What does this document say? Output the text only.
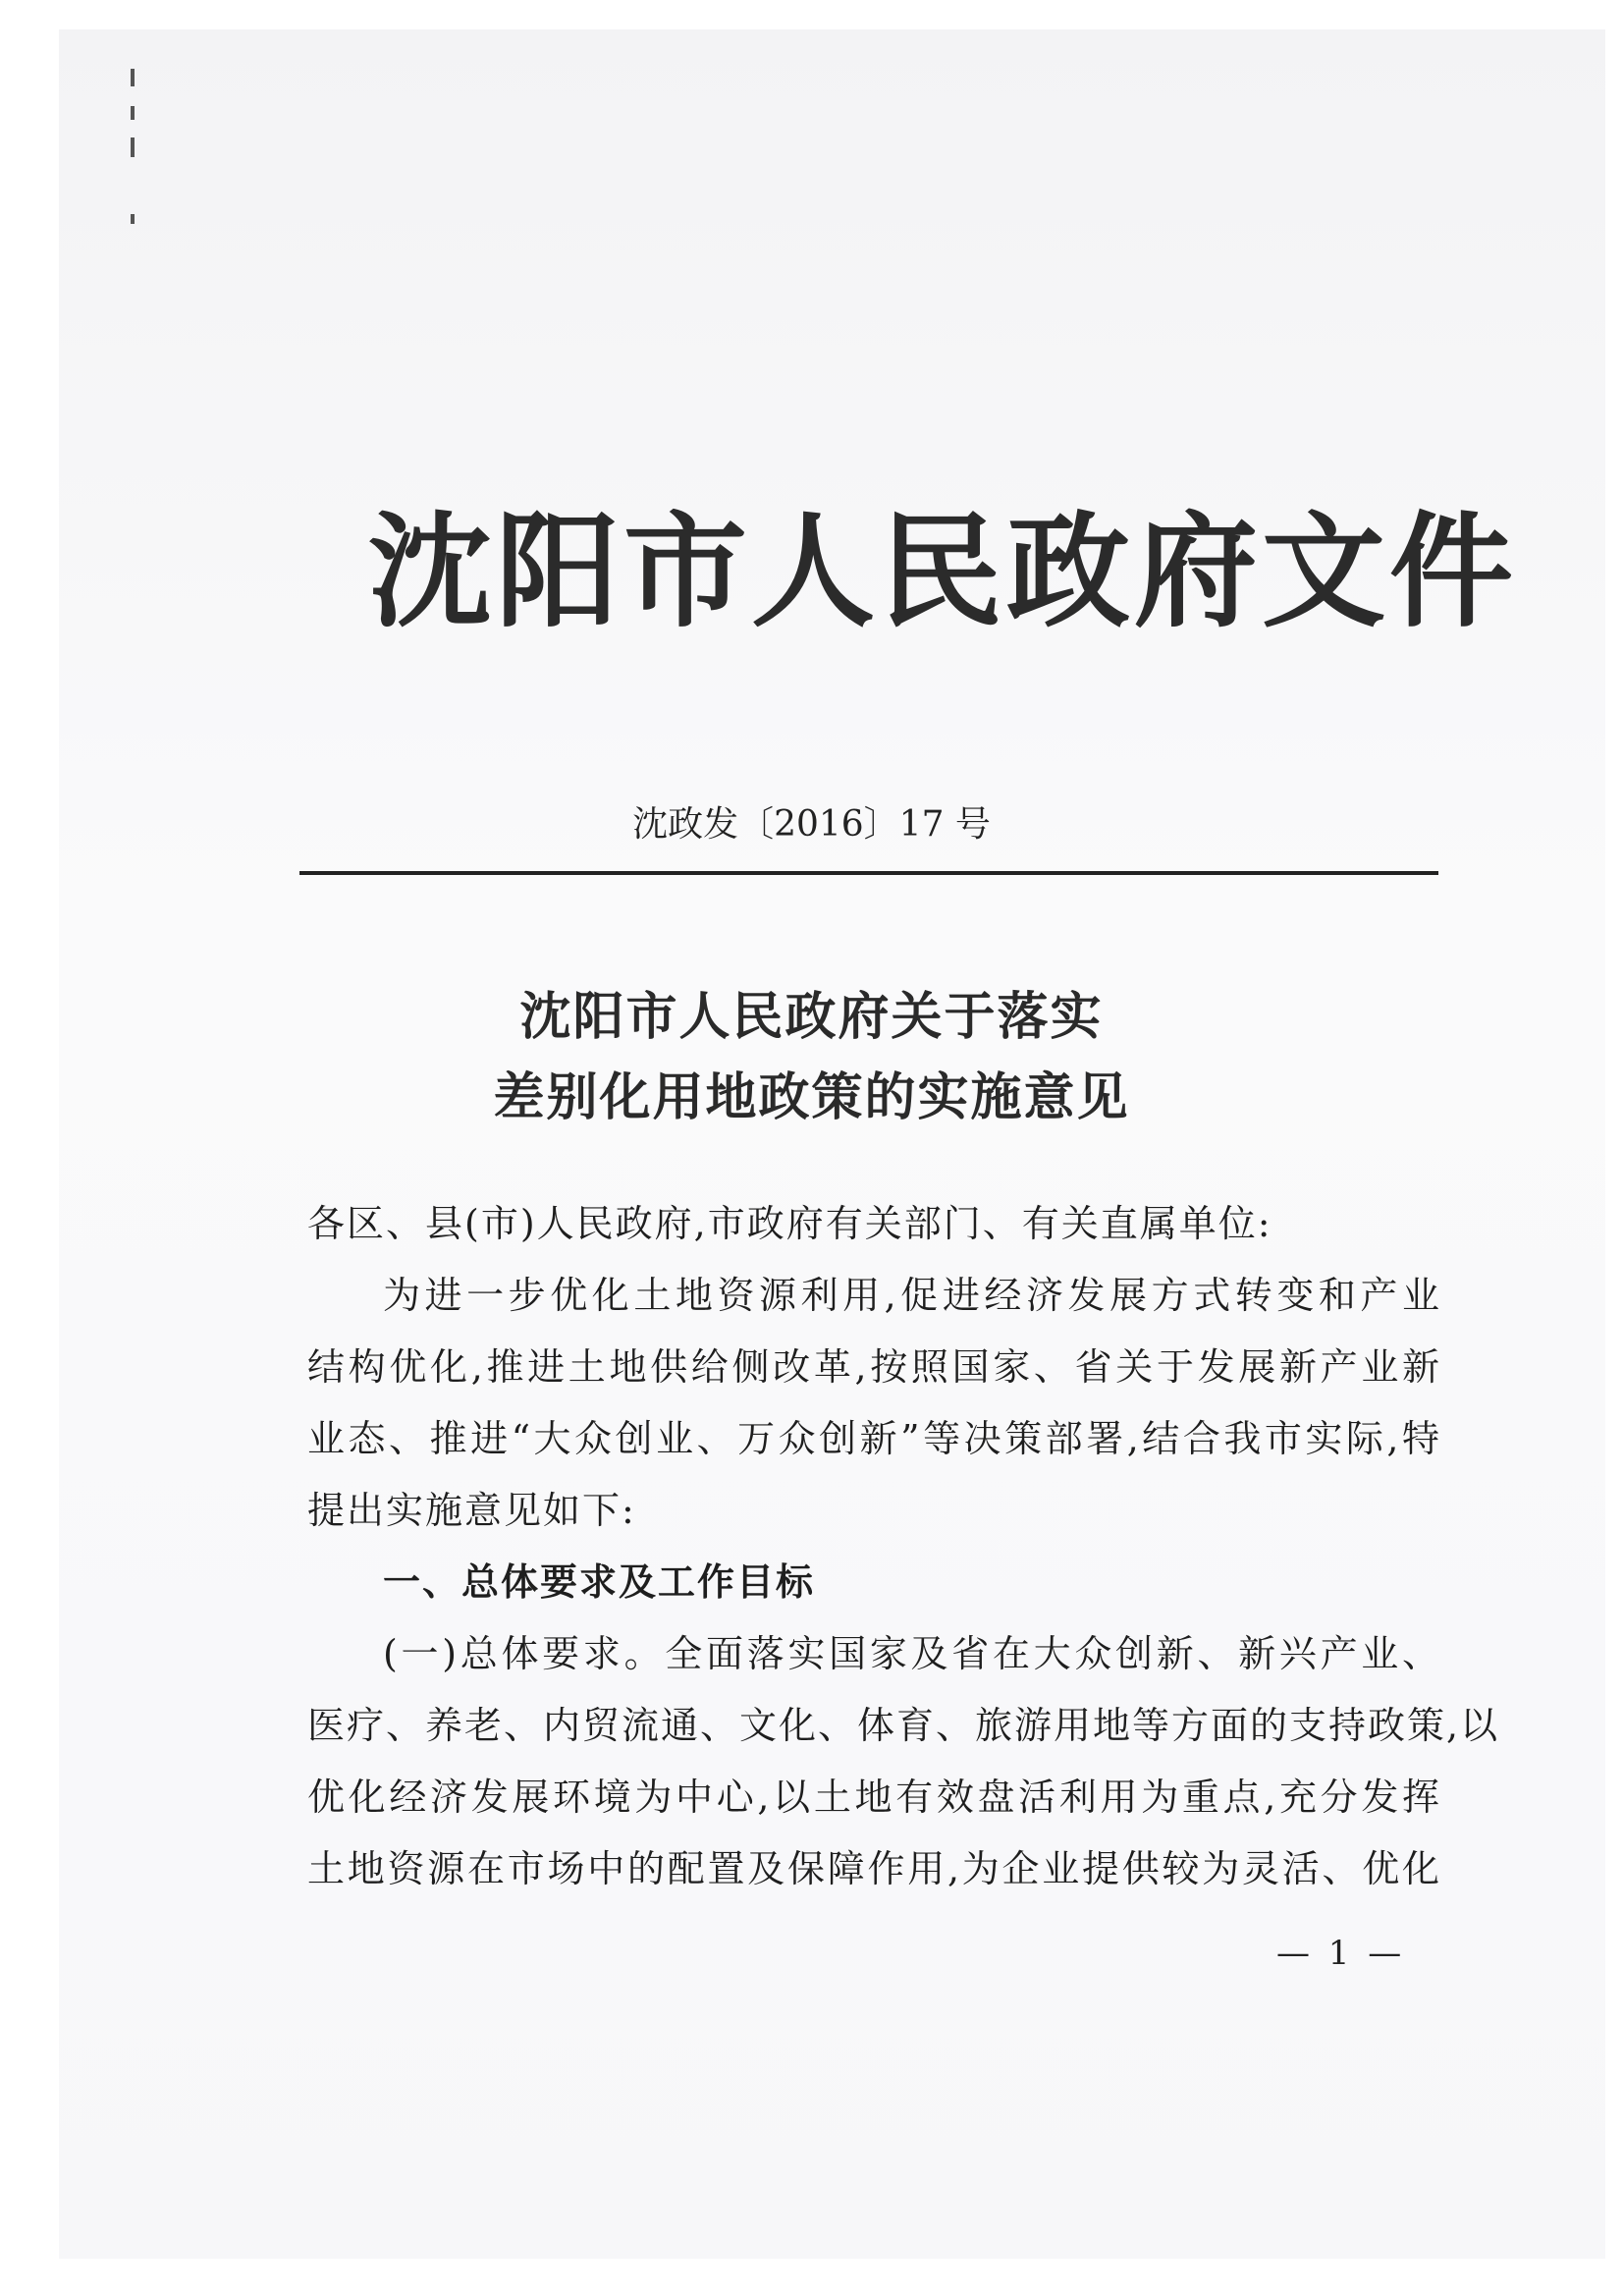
沈阳市人民政府文件
沈政发〔2016〕17 号
沈阳市人民政府关于落实
差别化用地政策的实施意见
各区、县(市)人民政府,市政府有关部门、有关直属单位:
为进一步优化土地资源利用,促进经济发展方式转变和产业
结构优化,推进土地供给侧改革,按照国家、省关于发展新产业新
业态、推进“大众创业、万众创新”等决策部署,结合我市实际,特
提出实施意见如下:
一、总体要求及工作目标
(一)总体要求。全面落实国家及省在大众创新、新兴产业、
医疗、养老、内贸流通、文化、体育、旅游用地等方面的支持政策,以
优化经济发展环境为中心,以土地有效盘活利用为重点,充分发挥
土地资源在市场中的配置及保障作用,为企业提供较为灵活、优化
— 1 —
